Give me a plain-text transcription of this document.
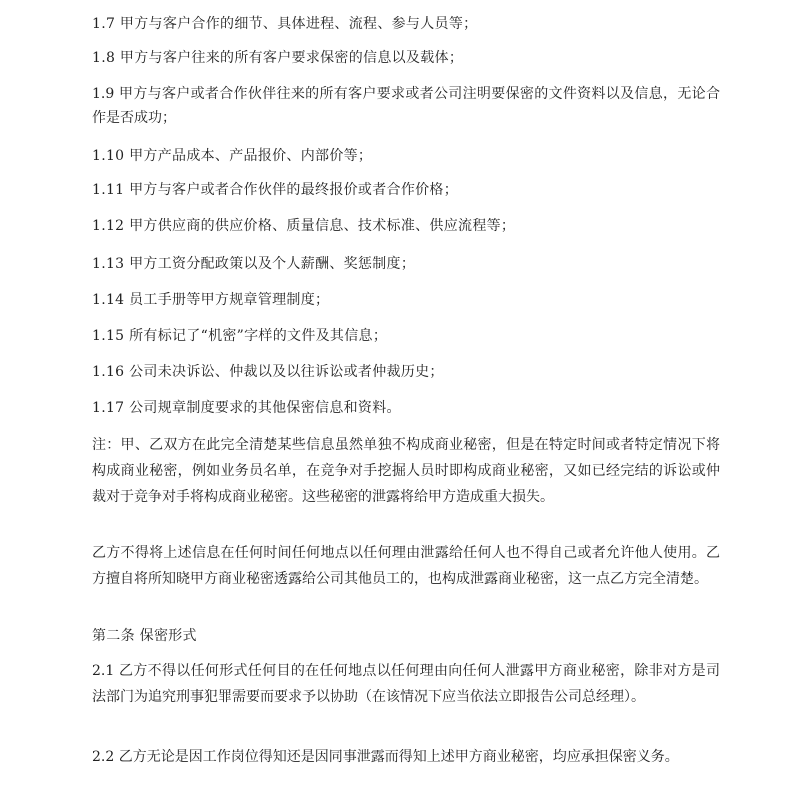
1.7 甲方与客户合作的细节、具体进程、流程、参与人员等；

1.8 甲方与客户往来的所有客户要求保密的信息以及载体；

1.9 甲方与客户或者合作伙伴往来的所有客户要求或者公司注明要保密的文件资料以及信息，无论合作是否成功；

1.10 甲方产品成本、产品报价、内部价等；

1.11 甲方与客户或者合作伙伴的最终报价或者合作价格；

1.12 甲方供应商的供应价格、质量信息、技术标准、供应流程等；

1.13 甲方工资分配政策以及个人薪酬、奖惩制度；

1.14 员工手册等甲方规章管理制度；

1.15 所有标记了“机密”字样的文件及其信息；

1.16 公司未决诉讼、仲裁以及以往诉讼或者仲裁历史；

1.17 公司规章制度要求的其他保密信息和资料。

注：甲、乙双方在此完全清楚某些信息虽然单独不构成商业秘密，但是在特定时间或者特定情况下将构成商业秘密，例如业务员名单，在竞争对手挖掘人员时即构成商业秘密，又如已经完结的诉讼或仲裁对于竞争对手将构成商业秘密。这些秘密的泄露将给甲方造成重大损失。

乙方不得将上述信息在任何时间任何地点以任何理由泄露给任何人也不得自己或者允许他人使用。乙方擅自将所知晓甲方商业秘密透露给公司其他员工的，也构成泄露商业秘密，这一点乙方完全清楚。

第二条 保密形式

2.1 乙方不得以任何形式任何目的在任何地点以任何理由向任何人泄露甲方商业秘密，除非对方是司法部门为追究刑事犯罪需要而要求予以协助（在该情况下应当依法立即报告公司总经理）。

2.2 乙方无论是因工作岗位得知还是因同事泄露而得知上述甲方商业秘密，均应承担保密义务。
